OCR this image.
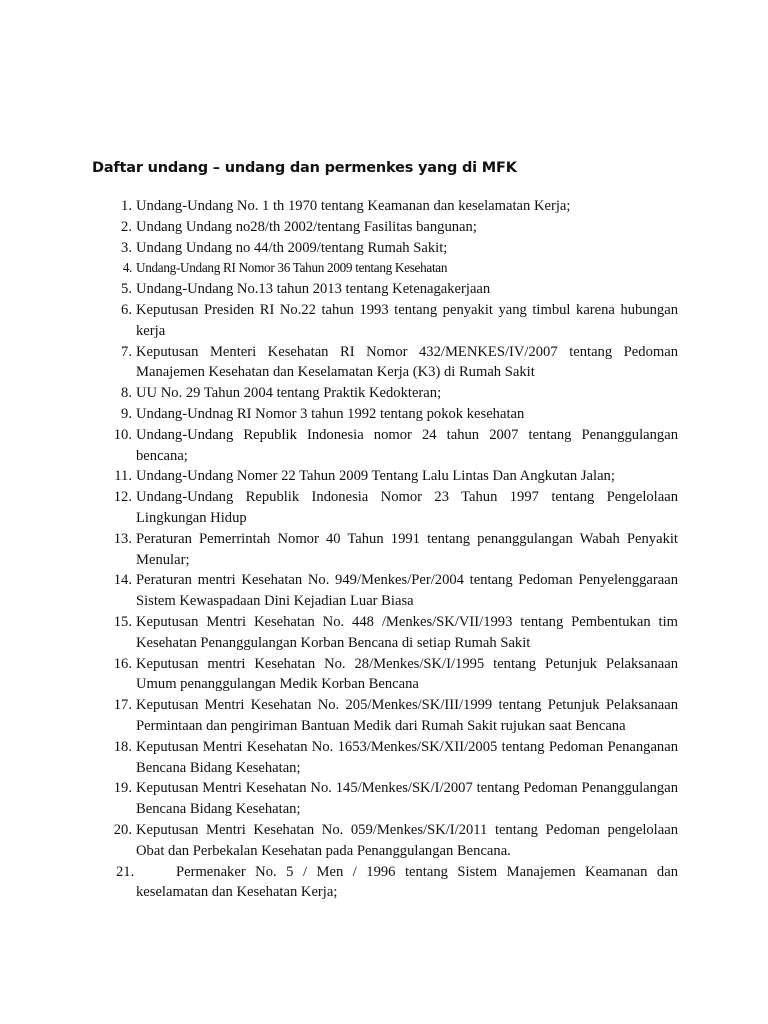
Daftar undang – undang dan permenkes yang di MFK
1. Undang-Undang No. 1 th 1970 tentang Keamanan dan keselamatan Kerja;
2. Undang Undang no28/th 2002/tentang Fasilitas bangunan;
3. Undang Undang no 44/th 2009/tentang Rumah Sakit;
4. Undang-Undang RI Nomor 36 Tahun 2009 tentang Kesehatan
5. Undang-Undang No.13 tahun 2013 tentang Ketenagakerjaan
6. Keputusan Presiden RI No.22 tahun 1993 tentang penyakit yang timbul karena hubungan kerja
7. Keputusan Menteri Kesehatan RI Nomor 432/MENKES/IV/2007 tentang Pedoman Manajemen Kesehatan dan Keselamatan Kerja (K3) di Rumah Sakit
8. UU No. 29 Tahun 2004 tentang Praktik Kedokteran;
9. Undang-Undnag RI Nomor 3 tahun 1992 tentang pokok kesehatan
10. Undang-Undang Republik Indonesia nomor 24 tahun 2007 tentang Penanggulangan bencana;
11. Undang-Undang Nomer 22 Tahun 2009 Tentang Lalu Lintas Dan Angkutan Jalan;
12. Undang-Undang Republik Indonesia Nomor 23 Tahun 1997 tentang Pengelolaan Lingkungan Hidup
13. Peraturan Pemerrintah Nomor 40 Tahun 1991 tentang penanggulangan Wabah Penyakit Menular;
14. Peraturan mentri Kesehatan No. 949/Menkes/Per/2004 tentang Pedoman Penyelenggaraan Sistem Kewaspadaan Dini Kejadian Luar Biasa
15. Keputusan Mentri Kesehatan No. 448 /Menkes/SK/VII/1993 tentang Pembentukan tim Kesehatan Penanggulangan Korban Bencana di setiap Rumah Sakit
16. Keputusan mentri Kesehatan No. 28/Menkes/SK/I/1995 tentang Petunjuk Pelaksanaan Umum penanggulangan Medik Korban Bencana
17. Keputusan Mentri Kesehatan No. 205/Menkes/SK/III/1999 tentang Petunjuk Pelaksanaan Permintaan dan pengiriman Bantuan Medik dari Rumah Sakit rujukan saat Bencana
18. Keputusan Mentri Kesehatan No. 1653/Menkes/SK/XII/2005 tentang Pedoman Penanganan Bencana Bidang Kesehatan;
19. Keputusan Mentri Kesehatan No. 145/Menkes/SK/I/2007 tentang Pedoman Penanggulangan Bencana Bidang Kesehatan;
20. Keputusan Mentri Kesehatan No. 059/Menkes/SK/I/2011 tentang Pedoman pengelolaan Obat dan Perbekalan Kesehatan pada Penanggulangan Bencana.
21.	Permenaker No. 5 / Men / 1996 tentang Sistem Manajemen Keamanan dan keselamatan dan Kesehatan Kerja;
